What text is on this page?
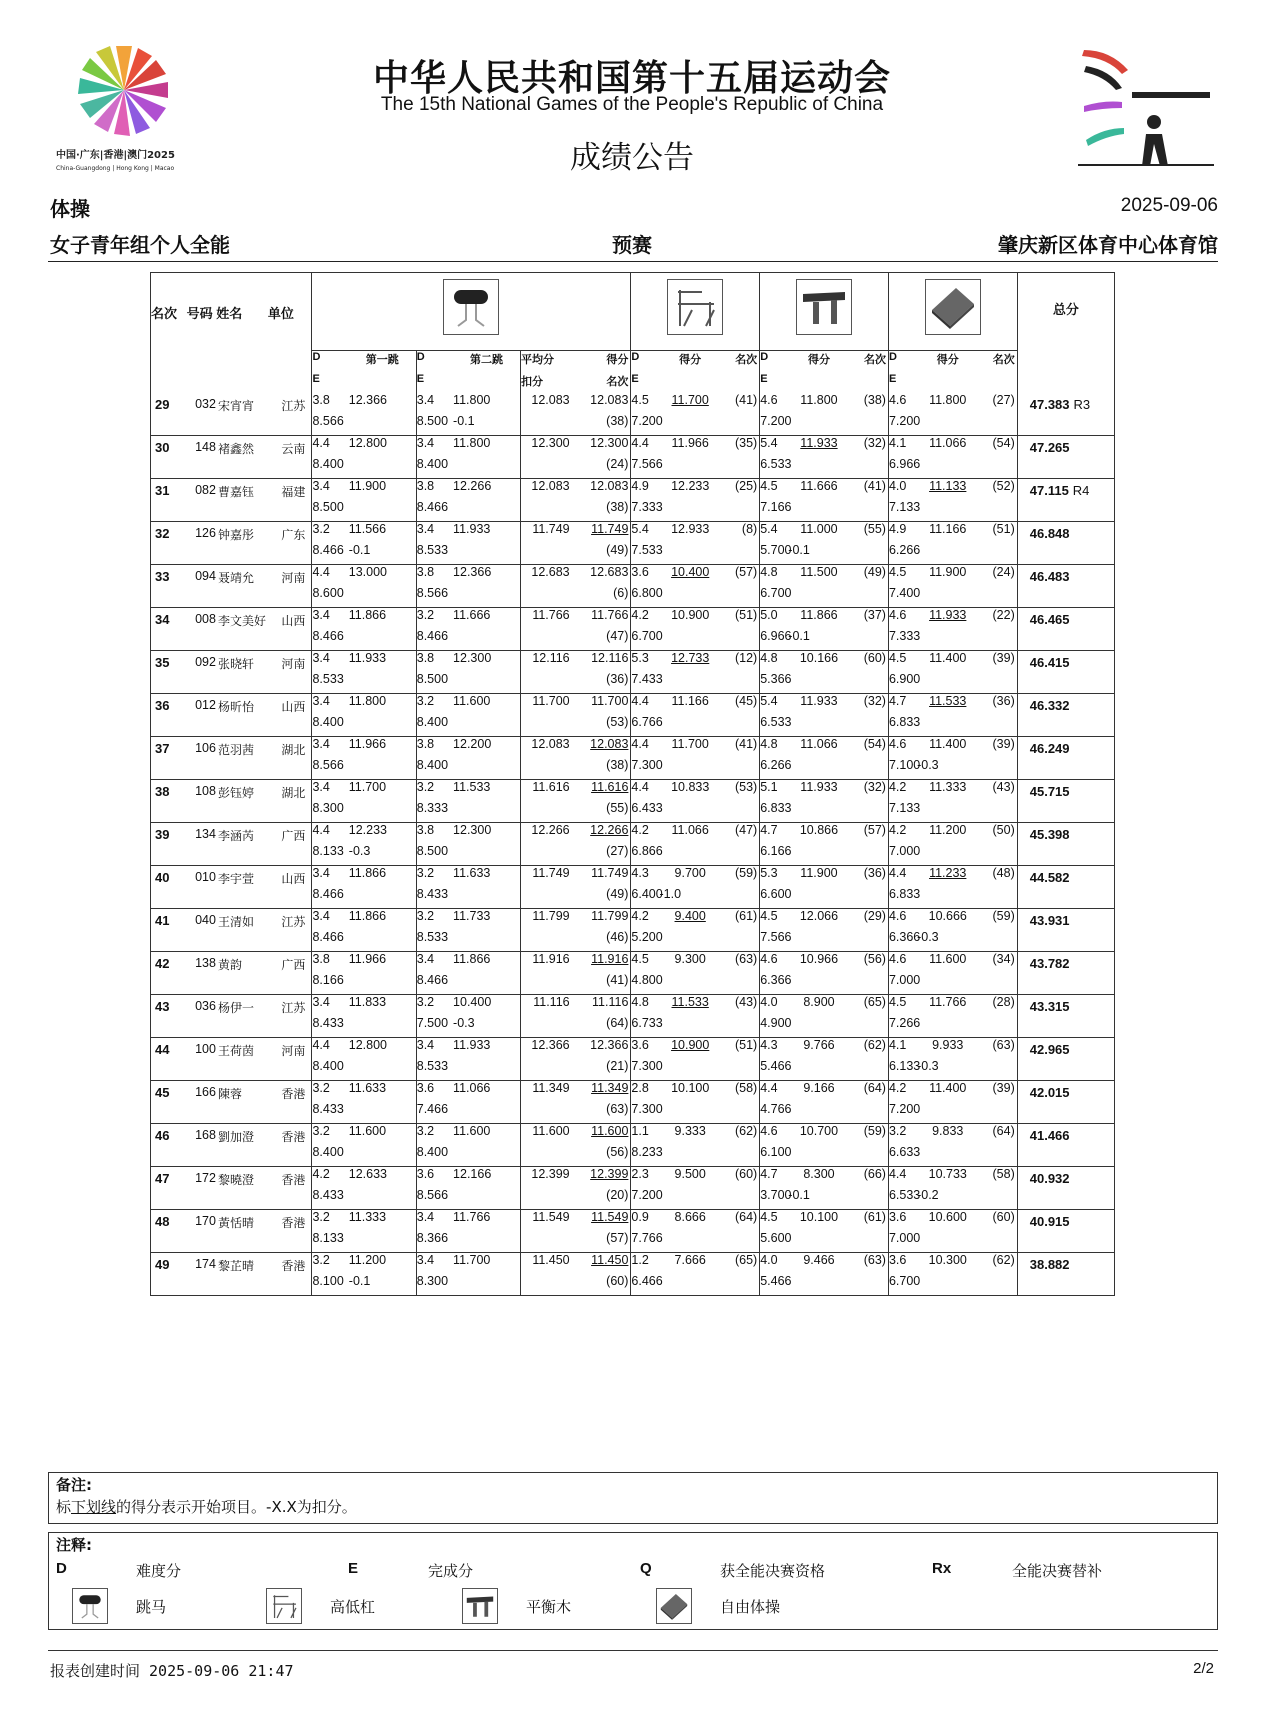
中国·广东|香港|澳门2025
China-Guangdong | Hong Kong | Macao
中华人民共和国第十五届运动会
The 15th National Games of the People's Republic of China
成绩公告
体操	2025-09-06
女子青年组个人全能	预赛	肇庆新区体育中心体育馆
名次 号码 姓名 单位																			总分
				D	第一跳	D	第二跳	平均分	得分	D	得分	名次	D	得分	名次	D	得分	名次	
				E		E		扣分	名次	E			E			E			
29	032	宋宵宵	江苏	3.8	12.366	3.4	11.800	12.083	12.083	4.5	11.700	(41)	4.6	11.800	(38)	4.6	11.800	(27)	47.383 R3
				8.566		8.500	-0.1	(38)		7.200			7.200			7.200			
30	148	褚鑫然	云南	4.4	12.800	3.4	11.800	12.300	12.300	4.4	11.966	(35)	5.4	11.933	(32)	4.1	11.066	(54)	47.265
				8.400		8.400		(24)		7.566			6.533			6.966			
31	082	曹嘉钰	福建	3.4	11.900	3.8	12.266	12.083	12.083	4.9	12.233	(25)	4.5	11.666	(41)	4.0	11.133	(52)	47.115 R4
				8.500		8.466		(38)		7.333			7.166			7.133			
32	126	钟嘉彤	广东	3.2	11.566	3.4	11.933	11.749	11.749	5.4	12.933	(8)	5.4	11.000	(55)	4.9	11.166	(51)	46.848
				8.466	-0.1	8.533		(49)		7.533			5.700	-0.1		6.266			
33	094	聂靖允	河南	4.4	13.000	3.8	12.366	12.683	12.683	3.6	10.400	(57)	4.8	11.500	(49)	4.5	11.900	(24)	46.483
				8.600		8.566		(6)		6.800			6.700			7.400			
34	008	李文美好	山西	3.4	11.866	3.2	11.666	11.766	11.766	4.2	10.900	(51)	5.0	11.866	(37)	4.6	11.933	(22)	46.465
				8.466		8.466		(47)		6.700			6.966	-0.1		7.333			
35	092	张晓轩	河南	3.4	11.933	3.8	12.300	12.116	12.116	5.3	12.733	(12)	4.8	10.166	(60)	4.5	11.400	(39)	46.415
				8.533		8.500		(36)		7.433			5.366			6.900			
36	012	杨昕怡	山西	3.4	11.800	3.2	11.600	11.700	11.700	4.4	11.166	(45)	5.4	11.933	(32)	4.7	11.533	(36)	46.332
				8.400		8.400		(53)		6.766			6.533			6.833			
37	106	范羽茜	湖北	3.4	11.966	3.8	12.200	12.083	12.083	4.4	11.700	(41)	4.8	11.066	(54)	4.6	11.400	(39)	46.249
				8.566		8.400		(38)		7.300			6.266			7.100	-0.3		
38	108	彭钰婷	湖北	3.4	11.700	3.2	11.533	11.616	11.616	4.4	10.833	(53)	5.1	11.933	(32)	4.2	11.333	(43)	45.715
				8.300		8.333		(55)		6.433			6.833			7.133			
39	134	李涵芮	广西	4.4	12.233	3.8	12.300	12.266	12.266	4.2	11.066	(47)	4.7	10.866	(57)	4.2	11.200	(50)	45.398
				8.133	-0.3	8.500		(27)		6.866			6.166			7.000			
40	010	李宇萱	山西	3.4	11.866	3.2	11.633	11.749	11.749	4.3	9.700	(59)	5.3	11.900	(36)	4.4	11.233	(48)	44.582
				8.466		8.433		(49)		6.400	-1.0		6.600			6.833			
41	040	王清如	江苏	3.4	11.866	3.2	11.733	11.799	11.799	4.2	9.400	(61)	4.5	12.066	(29)	4.6	10.666	(59)	43.931
				8.466		8.533		(46)		5.200			7.566			6.366	-0.3		
42	138	黄韵	广西	3.8	11.966	3.4	11.866	11.916	11.916	4.5	9.300	(63)	4.6	10.966	(56)	4.6	11.600	(34)	43.782
				8.166		8.466		(41)		4.800			6.366			7.000			
43	036	杨伊一	江苏	3.4	11.833	3.2	10.400	11.116	11.116	4.8	11.533	(43)	4.0	8.900	(65)	4.5	11.766	(28)	43.315
				8.433		7.500	-0.3	(64)		6.733			4.900			7.266			
44	100	王荷茵	河南	4.4	12.800	3.4	11.933	12.366	12.366	3.6	10.900	(51)	4.3	9.766	(62)	4.1	9.933	(63)	42.965
				8.400		8.533		(21)		7.300			5.466			6.133	-0.3		
45	166	陳蓉	香港	3.2	11.633	3.6	11.066	11.349	11.349	2.8	10.100	(58)	4.4	9.166	(64)	4.2	11.400	(39)	42.015
				8.433		7.466		(63)		7.300			4.766			7.200			
46	168	劉加澄	香港	3.2	11.600	3.2	11.600	11.600	11.600	1.1	9.333	(62)	4.6	10.700	(59)	3.2	9.833	(64)	41.466
				8.400		8.400		(56)		8.233			6.100			6.633			
47	172	黎曉澄	香港	4.2	12.633	3.6	12.166	12.399	12.399	2.3	9.500	(60)	4.7	8.300	(66)	4.4	10.733	(58)	40.932
				8.433		8.566		(20)		7.200			3.700	-0.1		6.533	-0.2		
48	170	黃恬晴	香港	3.2	11.333	3.4	11.766	11.549	11.549	0.9	8.666	(64)	4.5	10.100	(61)	3.6	10.600	(60)	40.915
				8.133		8.366		(57)		7.766			5.600			7.000			
49	174	黎芷晴	香港	3.2	11.200	3.4	11.700	11.450	11.450	1.2	7.666	(65)	4.0	9.466	(63)	3.6	10.300	(62)	38.882
				8.100	-0.1	8.300		(60)		6.466			5.466			6.700			
备注:
标下划线的得分表示开始项目。-X.X为扣分。
注释:
D	难度分	E	完成分	Q	获全能决赛资格	Rx	全能决赛替补
跳马	高低杠	平衡木	自由体操
报表创建时间 2025-09-06 21:47	2/2
